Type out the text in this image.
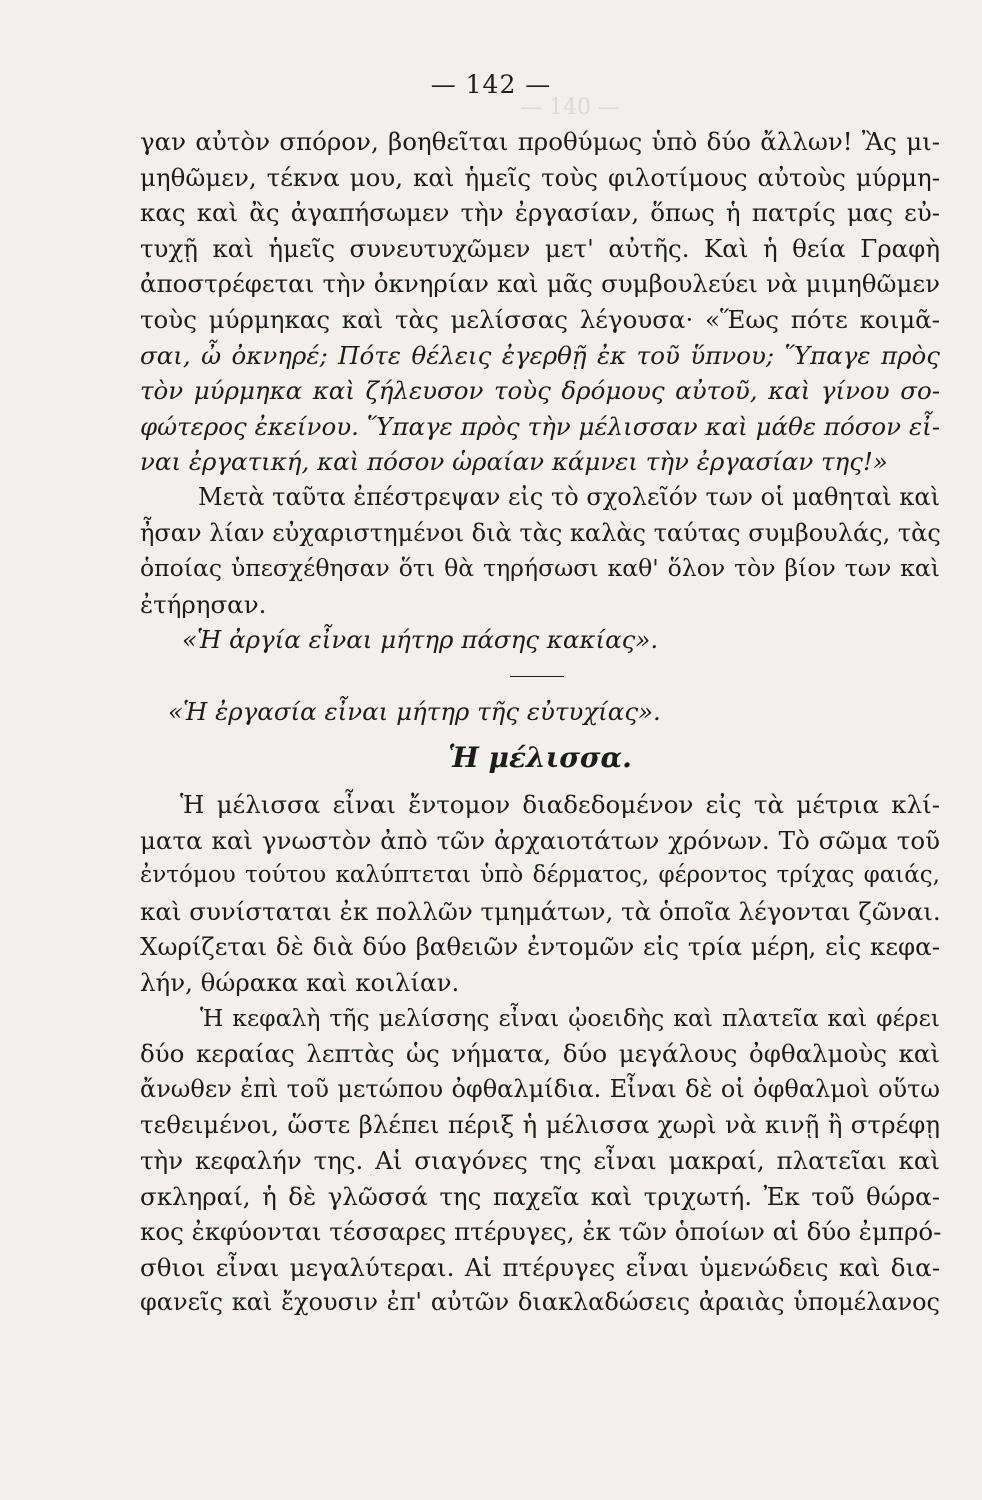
— 140 —
— 142 —
γαν αὐτὸν σπόρον, βοηθεῖται προθύμως ὑπὸ δύο ἄλλων! Ἂς μι-
μηθῶμεν, τέκνα μου, καὶ ἡμεῖς τοὺς φιλοτίμους αὐτοὺς μύρμη-
κας καὶ ἂς ἀγαπήσωμεν τὴν ἐργασίαν, ὅπως ἡ πατρίς μας εὐ-
τυχῇ καὶ ἡμεῖς συνευτυχῶμεν μετ' αὐτῆς. Καὶ ἡ θεία Γραφὴ
ἀποστρέφεται τὴν ὀκνηρίαν καὶ μᾶς συμβουλεύει νὰ μιμηθῶμεν
τοὺς μύρμηκας καὶ τὰς μελίσσας λέγουσα· «Ἕως πότε κοιμᾶ-
σαι, ὦ ὀκνηρέ; Πότε θέλεις ἐγερθῇ ἐκ τοῦ ὕπνου; Ὕπαγε πρὸς
τὸν μύρμηκα καὶ ζήλευσον τοὺς δρόμους αὐτοῦ, καὶ γίνου σο-
φώτερος ἐκείνου. Ὕπαγε πρὸς τὴν μέλισσαν καὶ μάθε πόσον εἶ-
ναι ἐργατική, καὶ πόσον ὡραίαν κάμνει τὴν ἐργασίαν της!»
Μετὰ ταῦτα ἐπέστρεψαν εἰς τὸ σχολεῖόν των οἱ μαθηταὶ καὶ
ἦσαν λίαν εὐχαριστημένοι διὰ τὰς καλὰς ταύτας συμβουλάς, τὰς
ὁποίας ὑπεσχέθησαν ὅτι θὰ τηρήσωσι καθ' ὅλον τὸν βίον των καὶ
ἐτήρησαν.
«Ἡ ἀργία εἶναι μήτηρ πάσης κακίας».
«Ἡ ἐργασία εἶναι μήτηρ τῆς εὐτυχίας».
Ἡ μέλισσα.
Ἡ μέλισσα εἶναι ἔντομον διαδεδομένον εἰς τὰ μέτρια κλί-
ματα καὶ γνωστὸν ἀπὸ τῶν ἀρχαιοτάτων χρόνων. Τὸ σῶμα τοῦ
ἐντόμου τούτου καλύπτεται ὑπὸ δέρματος, φέροντος τρίχας φαιάς,
καὶ συνίσταται ἐκ πολλῶν τμημάτων, τὰ ὁποῖα λέγονται ζῶναι.
Χωρίζεται δὲ διὰ δύο βαθειῶν ἐντομῶν εἰς τρία μέρη, εἰς κεφα-
λήν, θώρακα καὶ κοιλίαν.
Ἡ κεφαλὴ τῆς μελίσσης εἶναι ᾠοειδὴς καὶ πλατεῖα καὶ φέρει
δύο κεραίας λεπτὰς ὡς νήματα, δύο μεγάλους ὀφθαλμοὺς καὶ
ἄνωθεν ἐπὶ τοῦ μετώπου ὀφθαλμίδια. Εἶναι δὲ οἱ ὀφθαλμοὶ οὕτω
τεθειμένοι, ὥστε βλέπει πέριξ ἡ μέλισσα χωρὶ νὰ κινῇ ἢ στρέφῃ
τὴν κεφαλήν της. Αἱ σιαγόνες της εἶναι μακραί, πλατεῖαι καὶ
σκληραί, ἡ δὲ γλῶσσά της παχεῖα καὶ τριχωτή. Ἐκ τοῦ θώρα-
κος ἐκφύονται τέσσαρες πτέρυγες, ἐκ τῶν ὁποίων αἱ δύο ἐμπρό-
σθιοι εἶναι μεγαλύτεραι. Αἱ πτέρυγες εἶναι ὑμενώδεις καὶ δια-
φανεῖς καὶ ἔχουσιν ἐπ' αὐτῶν διακλαδώσεις ἀραιὰς ὑπομέλανος
